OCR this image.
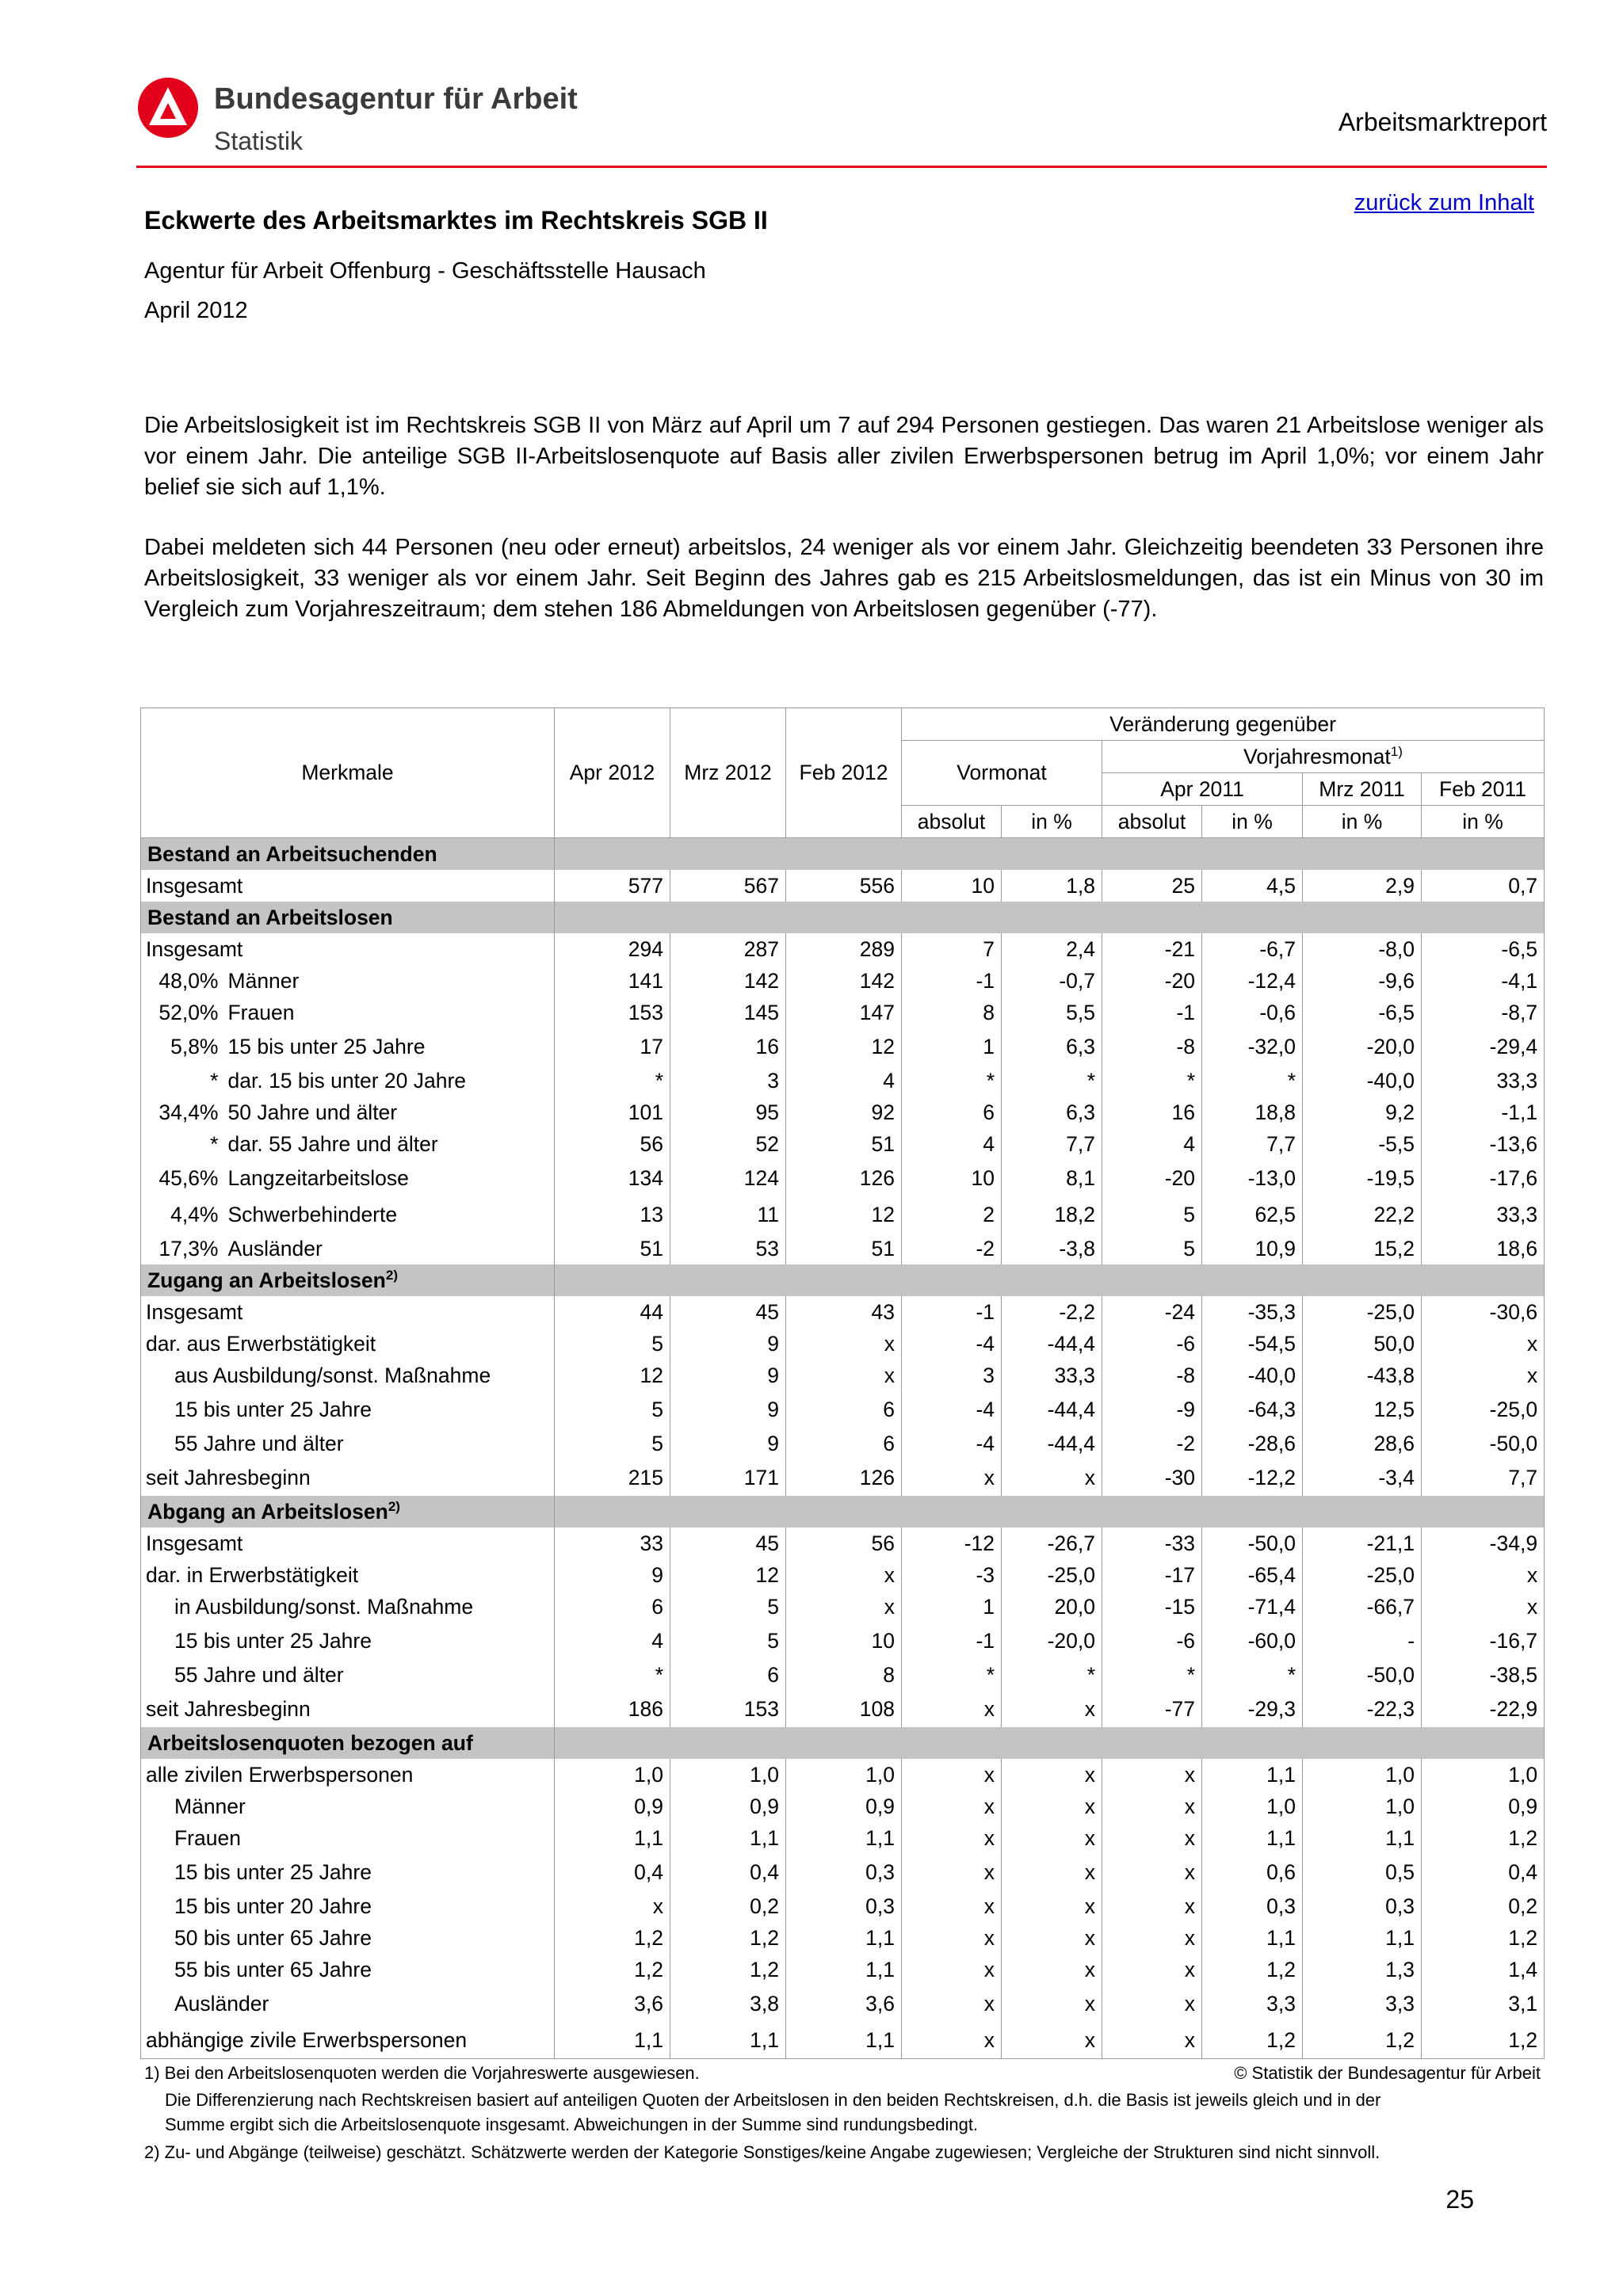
Bundesagentur für Arbeit
Statistik
Arbeitsmarktreport
zurück zum Inhalt
Eckwerte des Arbeitsmarktes im Rechtskreis SGB II
Agentur für Arbeit Offenburg - Geschäftsstelle Hausach
April 2012
Die Arbeitslosigkeit ist im Rechtskreis SGB II von März auf April um 7 auf 294 Personen gestiegen. Das waren 21 Arbeitslose weniger als vor einem Jahr. Die anteilige SGB II-Arbeitslosenquote auf Basis aller zivilen Erwerbspersonen betrug im April 1,0%; vor einem Jahr belief sie sich auf 1,1%.
Dabei meldeten sich 44 Personen (neu oder erneut) arbeitslos, 24 weniger als vor einem Jahr. Gleichzeitig beendeten 33 Personen ihre Arbeitslosigkeit, 33 weniger als vor einem Jahr. Seit Beginn des Jahres gab es 215 Arbeitslosmeldungen, das ist ein Minus von 30 im Vergleich zum Vorjahreszeitraum; dem stehen 186 Abmeldungen von Arbeitslosen gegenüber (-77).
Merkmale		Apr 2012	Mrz 2012	Feb 2012	Veränderung gegenüber					
					Vormonat		Vorjahresmonat$^{1)}$
							Apr 2011		Mrz 2011	Feb 2011
					absolut	in %	absolut	in %	in %	in %
Bestand an Arbeitsuchenden										
Insgesamt		577	567	556	10	1,8	25	4,5	2,9	0,7
Bestand an Arbeitslosen										
Insgesamt		294	287	289	7	2,4	-21	-6,7	-8,0	-6,5
48,0%	Männer	141	142	142	-1	-0,7	-20	-12,4	-9,6	-4,1
52,0%	Frauen	153	145	147	8	5,5	-1	-0,6	-6,5	-8,7
5,8%	15 bis unter 25 Jahre	17	16	12	1	6,3	-8	-32,0	-20,0	-29,4
*	dar. 15 bis unter 20 Jahre	*	3	4	*	*	*	*	-40,0	33,3
34,4%	50 Jahre und älter	101	95	92	6	6,3	16	18,8	9,2	-1,1
*	dar. 55 Jahre und älter	56	52	51	4	7,7	4	7,7	-5,5	-13,6
45,6%	Langzeitarbeitslose	134	124	126	10	8,1	-20	-13,0	-19,5	-17,6
4,4%	Schwerbehinderte	13	11	12	2	18,2	5	62,5	22,2	33,3
17,3%	Ausländer	51	53	51	-2	-3,8	5	10,9	15,2	18,6
Zugang an Arbeitslosen$^{2)}$	
Insgesamt		44	45	43	-1	-2,2	-24	-35,3	-25,0	-30,6
dar. aus Erwerbstätigkeit		5	9	x	-4	-44,4	-6	-54,5	50,0	x
aus Ausbildung/sonst. Maßnahme		12	9	x	3	33,3	-8	-40,0	-43,8	x
15 bis unter 25 Jahre		5	9	6	-4	-44,4	-9	-64,3	12,5	-25,0
55 Jahre und älter		5	9	6	-4	-44,4	-2	-28,6	28,6	-50,0
seit Jahresbeginn		215	171	126	x	x	-30	-12,2	-3,4	7,7
Abgang an Arbeitslosen$^{2)}$	
Insgesamt		33	45	56	-12	-26,7	-33	-50,0	-21,1	-34,9
dar. in Erwerbstätigkeit		9	12	x	-3	-25,0	-17	-65,4	-25,0	x
in Ausbildung/sonst. Maßnahme		6	5	x	1	20,0	-15	-71,4	-66,7	x
15 bis unter 25 Jahre		4	5	10	-1	-20,0	-6	-60,0	-	-16,7
55 Jahre und älter		*	6	8	*	*	*	*	-50,0	-38,5
seit Jahresbeginn		186	153	108	x	x	-77	-29,3	-22,3	-22,9
Arbeitslosenquoten bezogen auf										
alle zivilen Erwerbspersonen		1,0	1,0	1,0	x	x	x	1,1	1,0	1,0
Männer		0,9	0,9	0,9	x	x	x	1,0	1,0	0,9
Frauen		1,1	1,1	1,1	x	x	x	1,1	1,1	1,2
15 bis unter 25 Jahre		0,4	0,4	0,3	x	x	x	0,6	0,5	0,4
15 bis unter 20 Jahre		x	0,2	0,3	x	x	x	0,3	0,3	0,2
50 bis unter 65 Jahre		1,2	1,2	1,1	x	x	x	1,1	1,1	1,2
55 bis unter 65 Jahre		1,2	1,2	1,1	x	x	x	1,2	1,3	1,4
Ausländer		3,6	3,8	3,6	x	x	x	3,3	3,3	3,1
abhängige zivile Erwerbspersonen		1,1	1,1	1,1	x	x	x	1,2	1,2	1,2
1) Bei den Arbeitslosenquoten werden die Vorjahreswerte ausgewiesen.
Die Differenzierung nach Rechtskreisen basiert auf anteiligen Quoten der Arbeitslosen in den beiden Rechtskreisen, d.h. die Basis ist jeweils gleich und in der
Summe ergibt sich die Arbeitslosenquote insgesamt. Abweichungen in der Summe sind rundungsbedingt.
2) Zu- und Abgänge (teilweise) geschätzt. Schätzwerte werden der Kategorie Sonstiges/keine Angabe zugewiesen; Vergleiche der Strukturen sind nicht sinnvoll.
© Statistik der Bundesagentur für Arbeit
25
